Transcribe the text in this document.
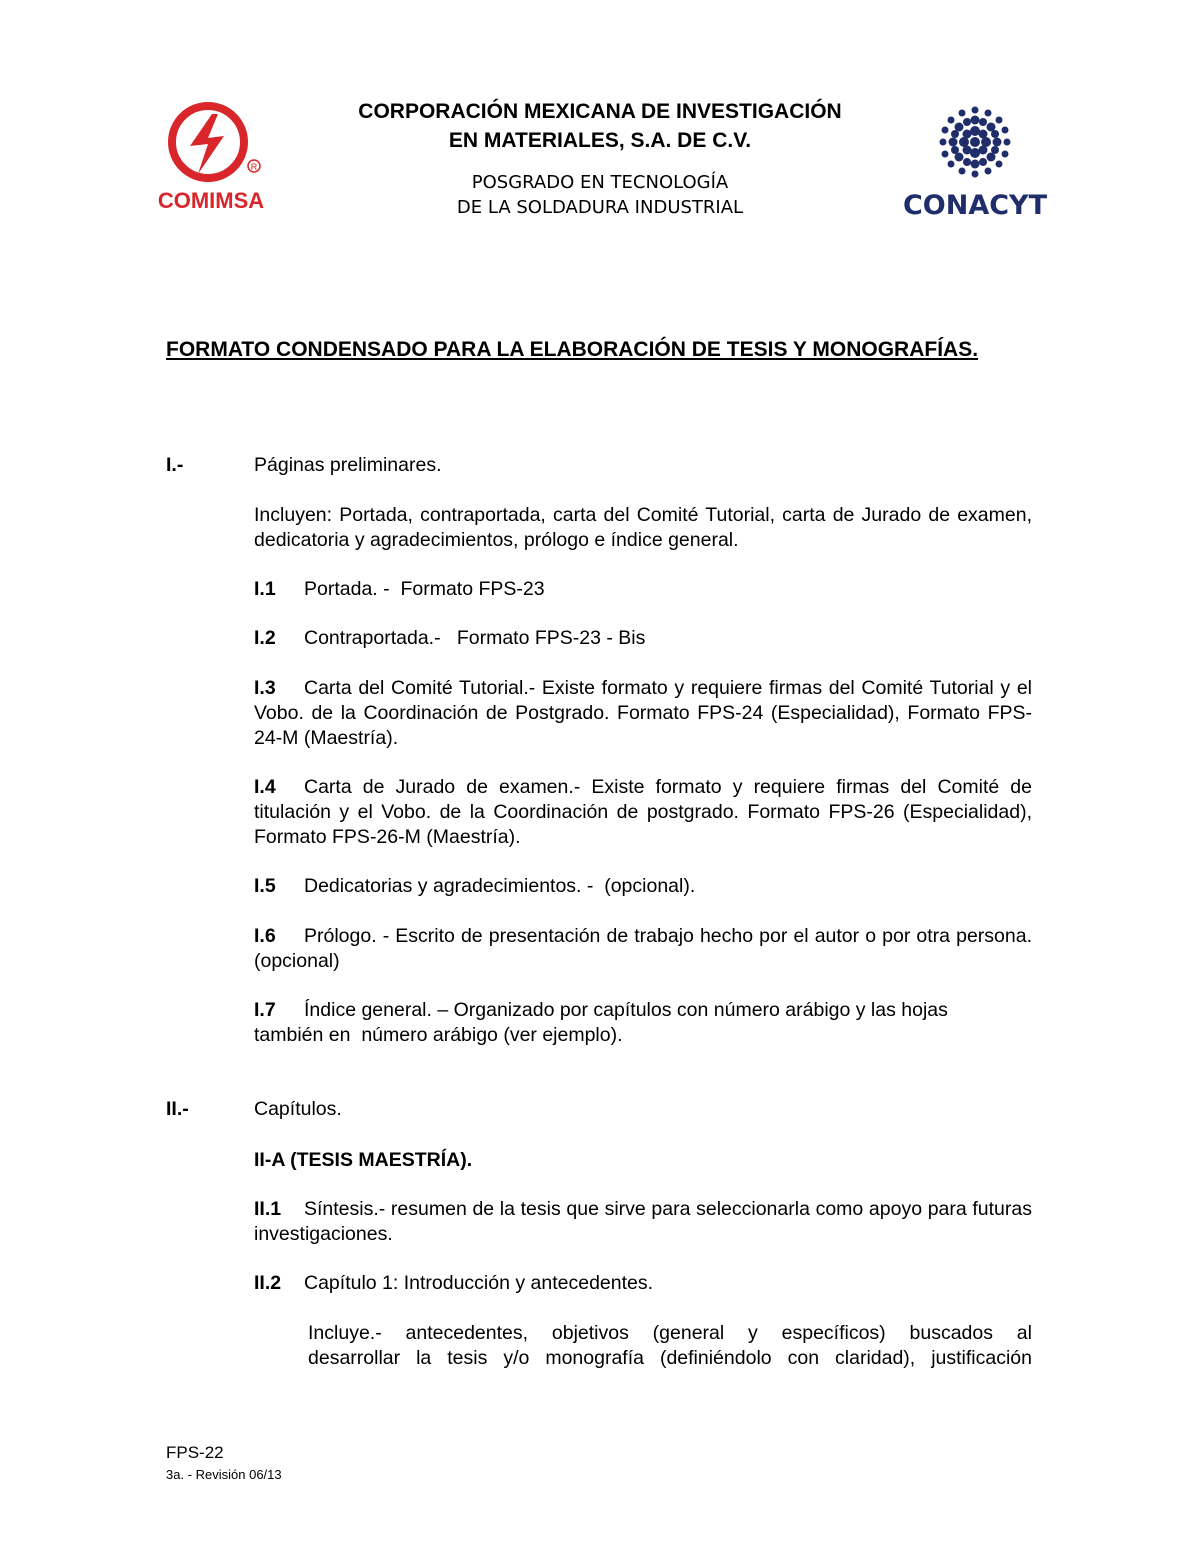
R
COMIMSA
CORPORACIÓN MEXICANA DE INVESTIGACIÓN
EN MATERIALES, S.A. DE C.V.
POSGRADO EN TECNOLOGÍA
DE LA SOLDADURA INDUSTRIAL	CONACYT
FORMATO CONDENSADO PARA LA ELABORACIÓN DE TESIS Y MONOGRAFÍAS.
I.-	Páginas preliminares.
Incluyen: Portada, contraportada, carta del Comité Tutorial, carta de Jurado de examen, dedicatoria y agradecimientos, prólogo e índice general.
I.1 Portada. -  Formato FPS-23
I.2 Contraportada.-   Formato FPS-23 - Bis
I.3 Carta del Comité Tutorial.- Existe formato y requiere firmas del Comité Tutorial y el Vobo. de la Coordinación de Postgrado. Formato FPS-24 (Especialidad), Formato FPS-24-M (Maestría).
I.4 Carta de Jurado de examen.- Existe formato y requiere firmas del Comité de titulación y el Vobo. de la Coordinación de postgrado. Formato FPS-26 (Especialidad), Formato FPS-26-M (Maestría).
I.5 Dedicatorias y agradecimientos. -  (opcional).
I.6 Prólogo. - Escrito de presentación de trabajo hecho por el autor o por otra persona. (opcional)
I.7 Índice general. – Organizado por capítulos con número arábigo y las hojas
también en  número arábigo (ver ejemplo).
II.-	Capítulos.
II-A (TESIS MAESTRÍA).
II.1 Síntesis.- resumen de la tesis que sirve para seleccionarla como apoyo para futuras investigaciones.
II.2 Capítulo 1: Introducción y antecedentes.
Incluye.- antecedentes, objetivos (general y específicos) buscados al
desarrollar la tesis y/o monografía (definiéndolo con claridad), justificación
FPS-22
3a. - Revisión 06/13
